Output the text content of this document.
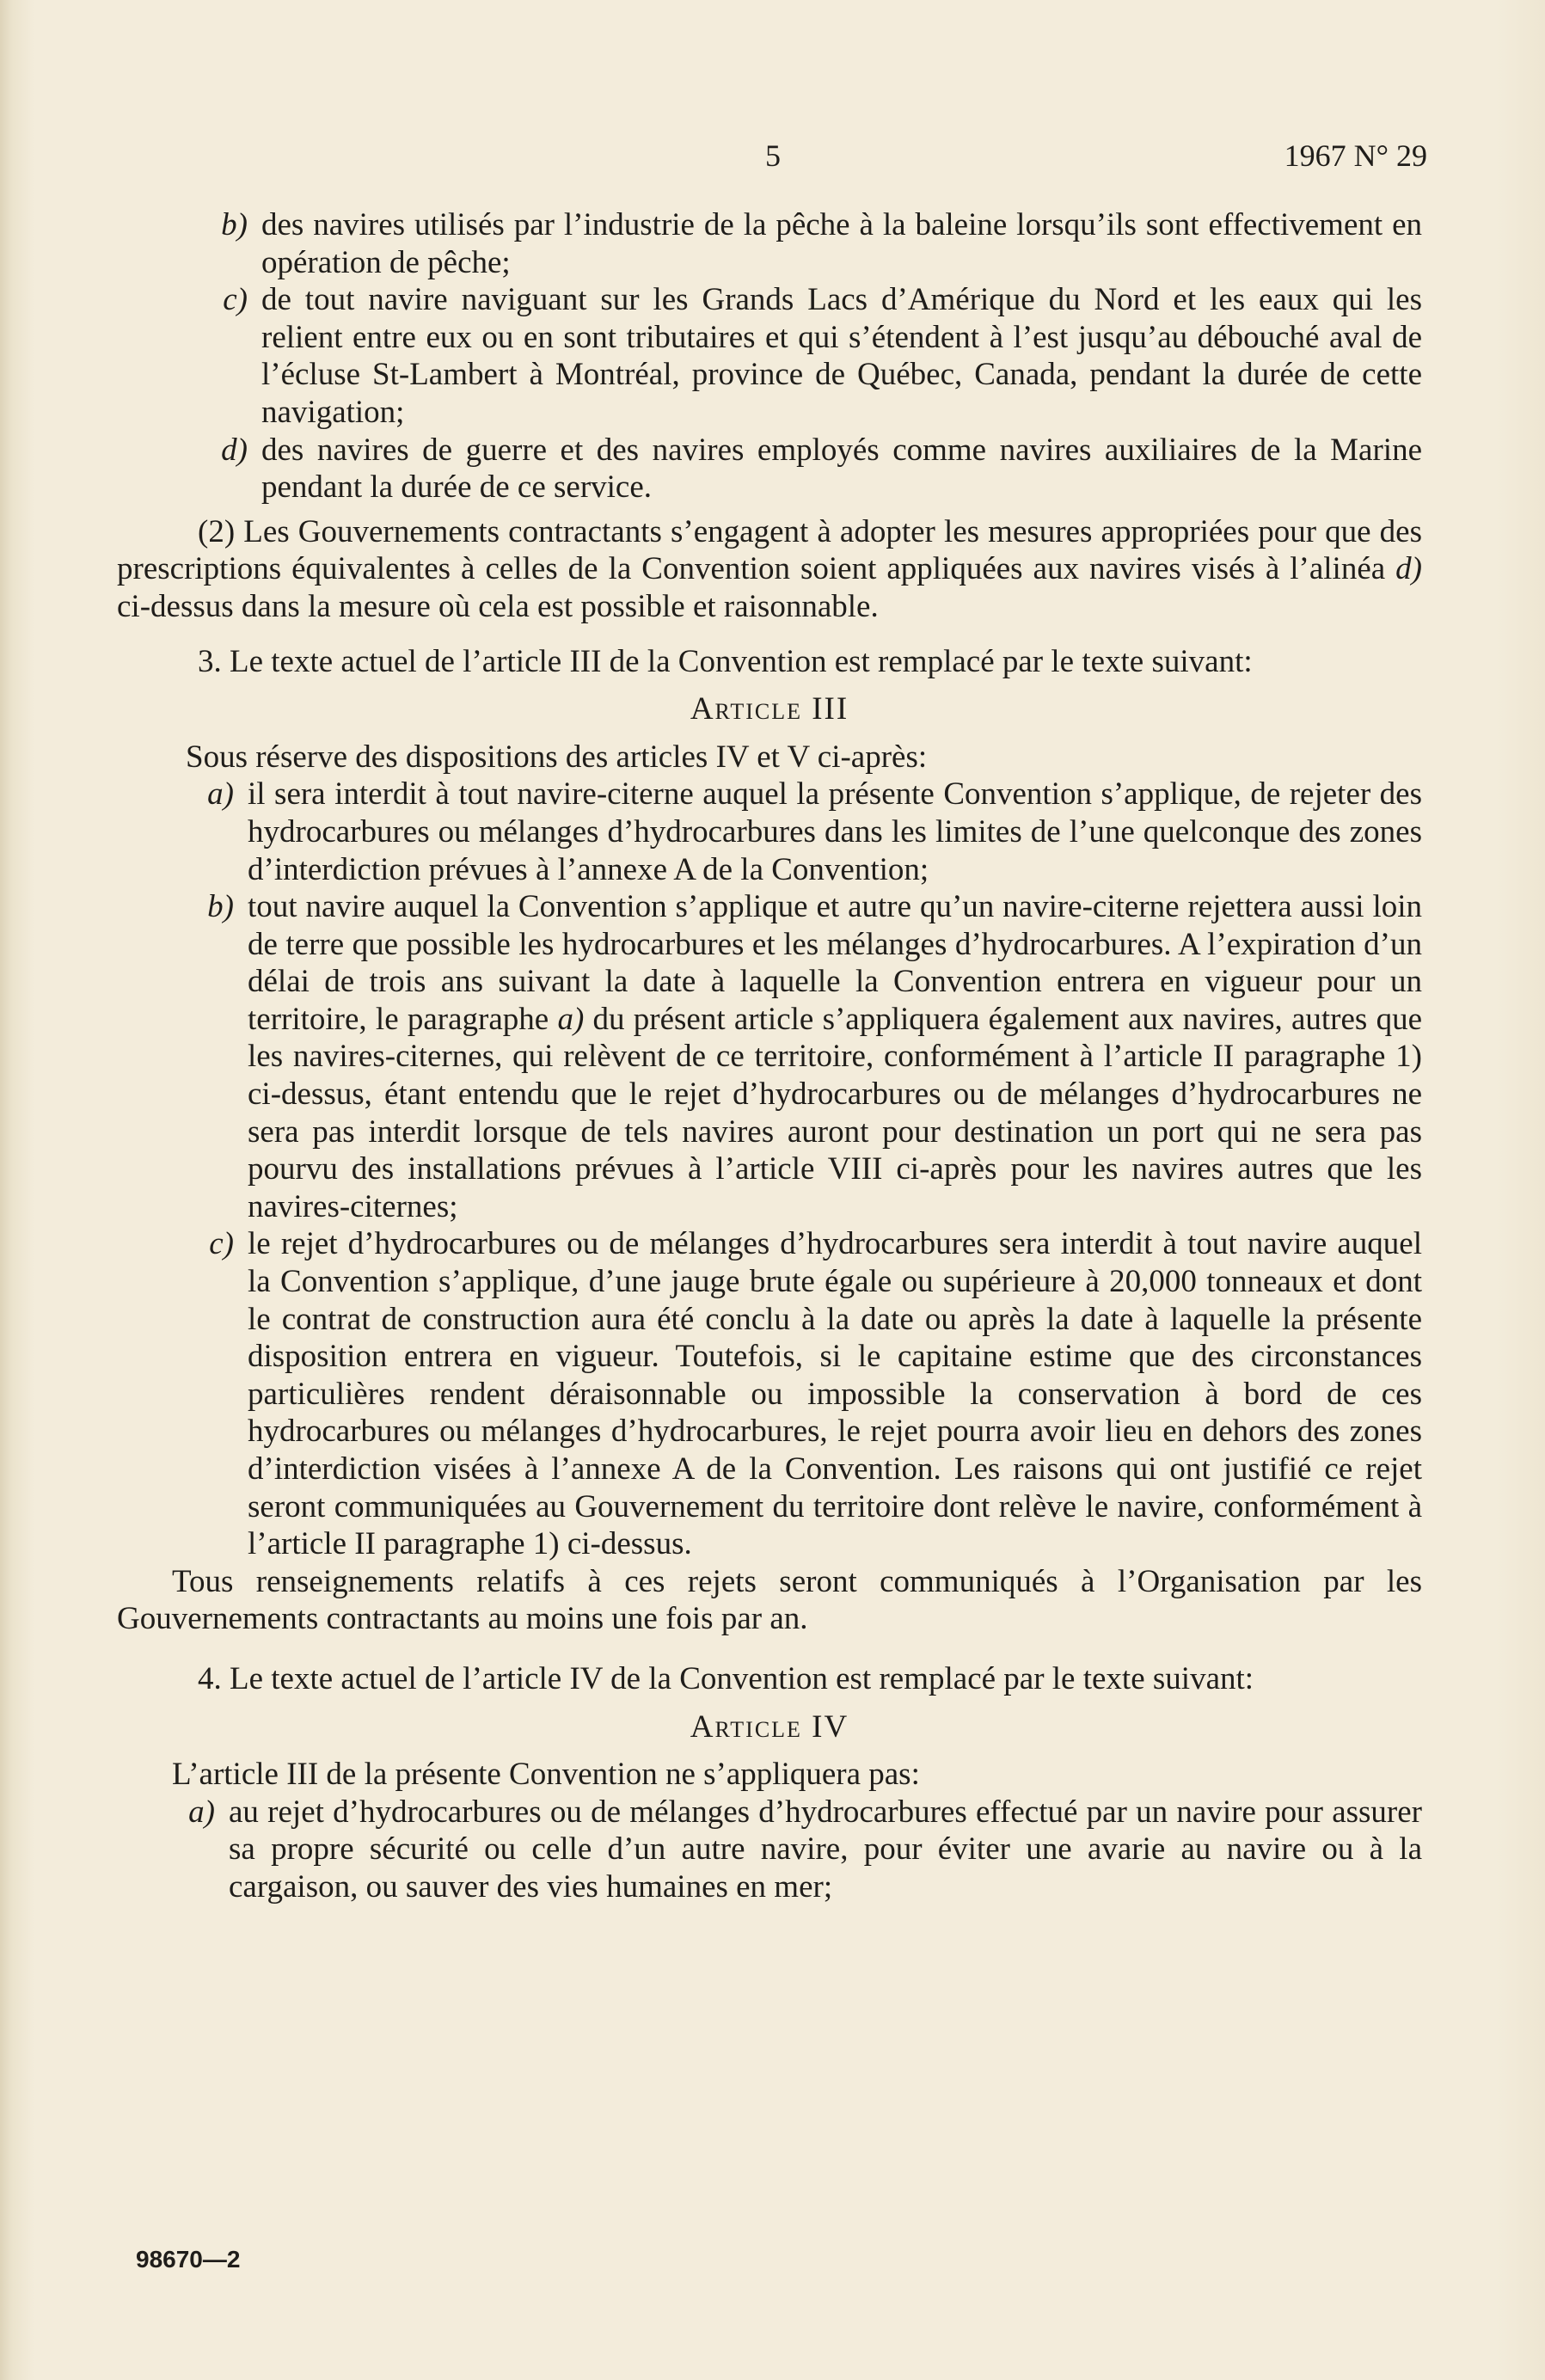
5	1967 N° 29
b) des navires utilisés par l’industrie de la pêche à la baleine lorsqu’ils sont effectivement en opération de pêche;
c) de tout navire naviguant sur les Grands Lacs d’Amérique du Nord et les eaux qui les relient entre eux ou en sont tributaires et qui s’étendent à l’est jusqu’au débouché aval de l’écluse St-Lambert à Montréal, province de Québec, Canada, pendant la durée de cette navigation;
d) des navires de guerre et des navires employés comme navires auxiliaires de la Marine pendant la durée de ce service.

(2) Les Gouvernements contractants s’engagent à adopter les mesures appropriées pour que des prescriptions équivalentes à celles de la Convention soient appliquées aux navires visés à l’alinéa d) ci-dessus dans la mesure où cela est possible et raisonnable.

3. Le texte actuel de l’article III de la Convention est remplacé par le texte suivant:

Article III

Sous réserve des dispositions des articles IV et V ci-après:

a) il sera interdit à tout navire-citerne auquel la présente Convention s’applique, de rejeter des hydrocarbures ou mélanges d’hydrocarbures dans les limites de l’une quelconque des zones d’interdiction prévues à l’annexe A de la Convention;
b) tout navire auquel la Convention s’applique et autre qu’un navire-citerne rejettera aussi loin de terre que possible les hydrocarbures et les mélanges d’hydrocarbures. A l’expiration d’un délai de trois ans suivant la date à laquelle la Convention entrera en vigueur pour un territoire, le paragraphe a) du présent article s’appliquera également aux navires, autres que les navires-citernes, qui relèvent de ce territoire, conformément à l’article II paragraphe 1) ci-dessus, étant entendu que le rejet d’hydrocarbures ou de mélanges d’hydrocarbures ne sera pas interdit lorsque de tels navires auront pour destination un port qui ne sera pas pourvu des installations prévues à l’article VIII ci-après pour les navires autres que les navires-citernes;
c) le rejet d’hydrocarbures ou de mélanges d’hydrocarbures sera interdit à tout navire auquel la Convention s’applique, d’une jauge brute égale ou supérieure à 20,000 tonneaux et dont le contrat de construction aura été conclu à la date ou après la date à laquelle la présente disposition entrera en vigueur. Toutefois, si le capitaine estime que des circonstances particulières rendent déraisonnable ou impossible la conservation à bord de ces hydrocarbures ou mélanges d’hydrocarbures, le rejet pourra avoir lieu en dehors des zones d’interdiction visées à l’annexe A de la Convention. Les raisons qui ont justifié ce rejet seront communiquées au Gouvernement du territoire dont relève le navire, conformément à l’article II paragraphe 1) ci-dessus.

Tous renseignements relatifs à ces rejets seront communiqués à l’Organisation par les Gouvernements contractants au moins une fois par an.

4. Le texte actuel de l’article IV de la Convention est remplacé par le texte suivant:

Article IV

L’article III de la présente Convention ne s’appliquera pas:

a) au rejet d’hydrocarbures ou de mélanges d’hydrocarbures effectué par un navire pour assurer sa propre sécurité ou celle d’un autre navire, pour éviter une avarie au navire ou à la cargaison, ou sauver des vies humaines en mer;
98670—2
